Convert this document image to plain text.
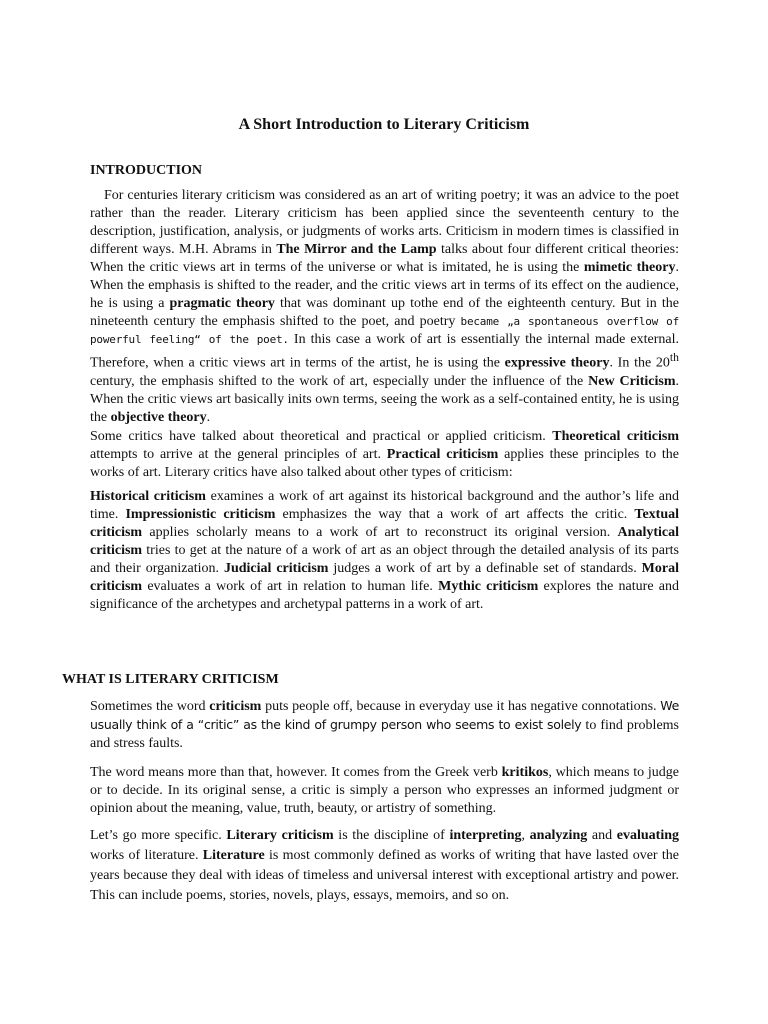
A Short Introduction to Literary Criticism
INTRODUCTION
For centuries literary criticism was considered as an art of writing poetry; it was an advice to the poet rather than the reader. Literary criticism has been applied since the seventeenth century to the description, justification, analysis, or judgments of works arts. Criticism in modern times is classified in different ways. M.H. Abrams in The Mirror and the Lamp talks about four different critical theories: When the critic views art in terms of the universe or what is imitated, he is using the mimetic theory. When the emphasis is shifted to the reader, and the critic views art in terms of its effect on the audience, he is using a pragmatic theory that was dominant up tothe end of the eighteenth century. But in the nineteenth century the emphasis shifted to the poet, and poetry became „a spontaneous overflow of powerful feeling“ of the poet. In this case a work of art is essentially the internal made external. Therefore, when a critic views art in terms of the artist, he is using the expressive theory. In the 20th century, the emphasis shifted to the work of art, especially under the influence of the New Criticism. When the critic views art basically inits own terms, seeing the work as a self-contained entity, he is using the objective theory.
Some critics have talked about theoretical and practical or applied criticism. Theoretical criticism attempts to arrive at the general principles of art. Practical criticism applies these principles to the works of art. Literary critics have also talked about other types of criticism:
Historical criticism examines a work of art against its historical background and the author’s life and time. Impressionistic criticism emphasizes the way that a work of art affects the critic. Textual criticism applies scholarly means to a work of art to reconstruct its original version. Analytical criticism tries to get at the nature of a work of art as an object through the detailed analysis of its parts and their organization. Judicial criticism judges a work of art by a definable set of standards. Moral criticism evaluates a work of art in relation to human life. Mythic criticism explores the nature and significance of the archetypes and archetypal patterns in a work of art.
WHAT IS LITERARY CRITICISM
Sometimes the word criticism puts people off, because in everyday use it has negative connotations. We usually think of a “critic” as the kind of grumpy person who seems to exist solely to find problems and stress faults.
The word means more than that, however. It comes from the Greek verb kritikos, which means to judge or to decide. In its original sense, a critic is simply a person who expresses an informed judgment or opinion about the meaning, value, truth, beauty, or artistry of something.
Let’s go more specific. Literary criticism is the discipline of interpreting, analyzing and evaluating works of literature. Literature is most commonly defined as works of writing that have lasted over the years because they deal with ideas of timeless and universal interest with exceptional artistry and power. This can include poems, stories, novels, plays, essays, memoirs, and so on.
